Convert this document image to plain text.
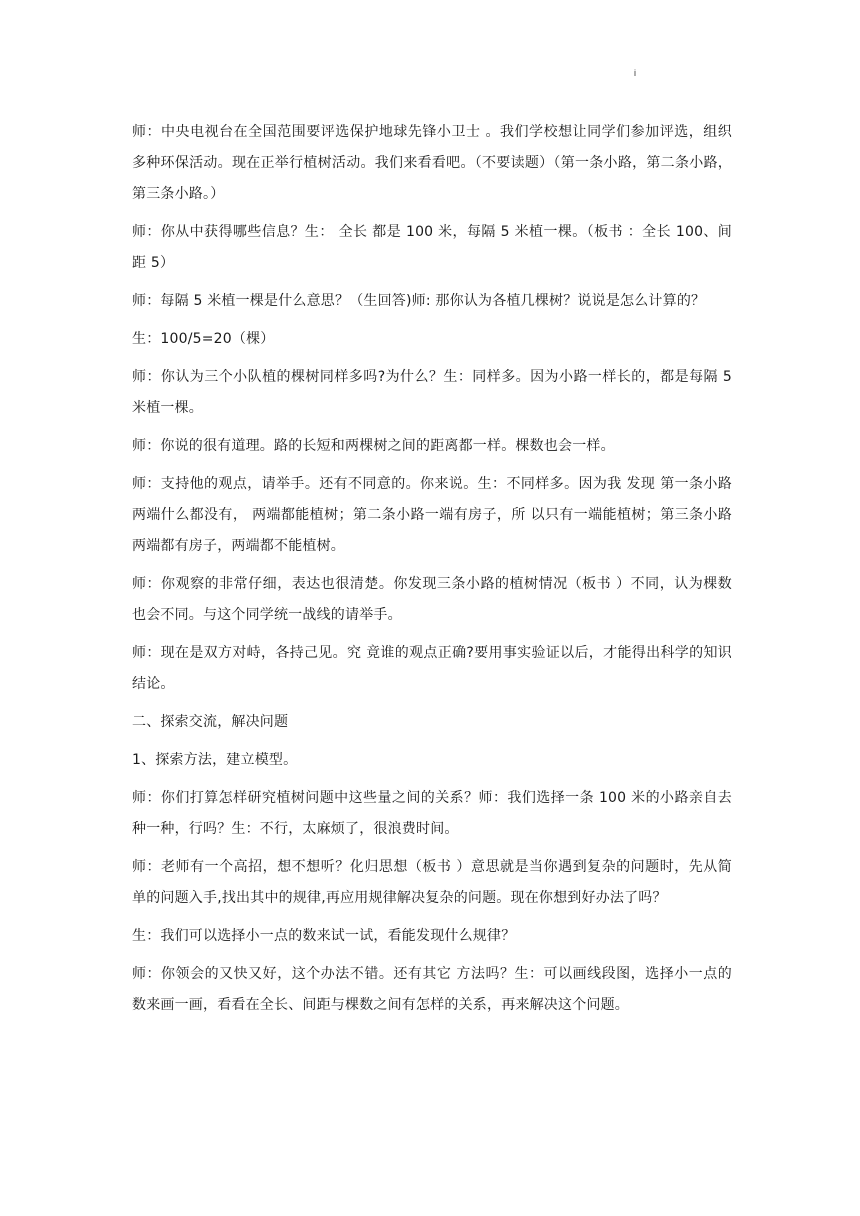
i

师：中央电视台在全国范围要评选保护地球先锋小卫士 。我们学校想让同学们参加评选，组织多种环保活动。现在正举行植树活动。我们来看看吧。（不要读题）（第一条小路，第二条小路，第三条小路。）

师：你从中获得哪些信息？生： 全长 都是 100 米，每隔 5 米植一棵。（板书 ：全长 100、间距 5）

师：每隔 5 米植一棵是什么意思？（生回答)师: 那你认为各植几棵树？说说是怎么计算的？

生：100/5=20（棵）

师：你认为三个小队植的棵树同样多吗?为什么？生：同样多。因为小路一样长的，都是每隔 5 米植一棵。

师：你说的很有道理。路的长短和两棵树之间的距离都一样。棵数也会一样。

师：支持他的观点，请举手。还有不同意的。你来说。生：不同样多。因为我 发现 第一条小路两端什么都没有， 两端都能植树；第二条小路一端有房子，所 以只有一端能植树；第三条小路两端都有房子，两端都不能植树。

师：你观察的非常仔细，表达也很清楚。你发现三条小路的植树情况（板书 ）不同，认为棵数也会不同。与这个同学统一战线的请举手。

师：现在是双方对峙，各持己见。究 竟谁的观点正确?要用事实验证以后，才能得出科学的知识结论。

二、探索交流，解决问题

1、探索方法，建立模型。

师：你们打算怎样研究植树问题中这些量之间的关系？师：我们选择一条 100 米的小路亲自去种一种，行吗？生：不行，太麻烦了，很浪费时间。

师：老师有一个高招，想不想听？化归思想（板书 ）意思就是当你遇到复杂的问题时，先从简单的问题入手,找出其中的规律,再应用规律解决复杂的问题。现在你想到好办法了吗？

生：我们可以选择小一点的数来试一试，看能发现什么规律？

师：你领会的又快又好，这个办法不错。还有其它 方法吗？生：可以画线段图，选择小一点的数来画一画，看看在全长、间距与棵数之间有怎样的关系，再来解决这个问题。
